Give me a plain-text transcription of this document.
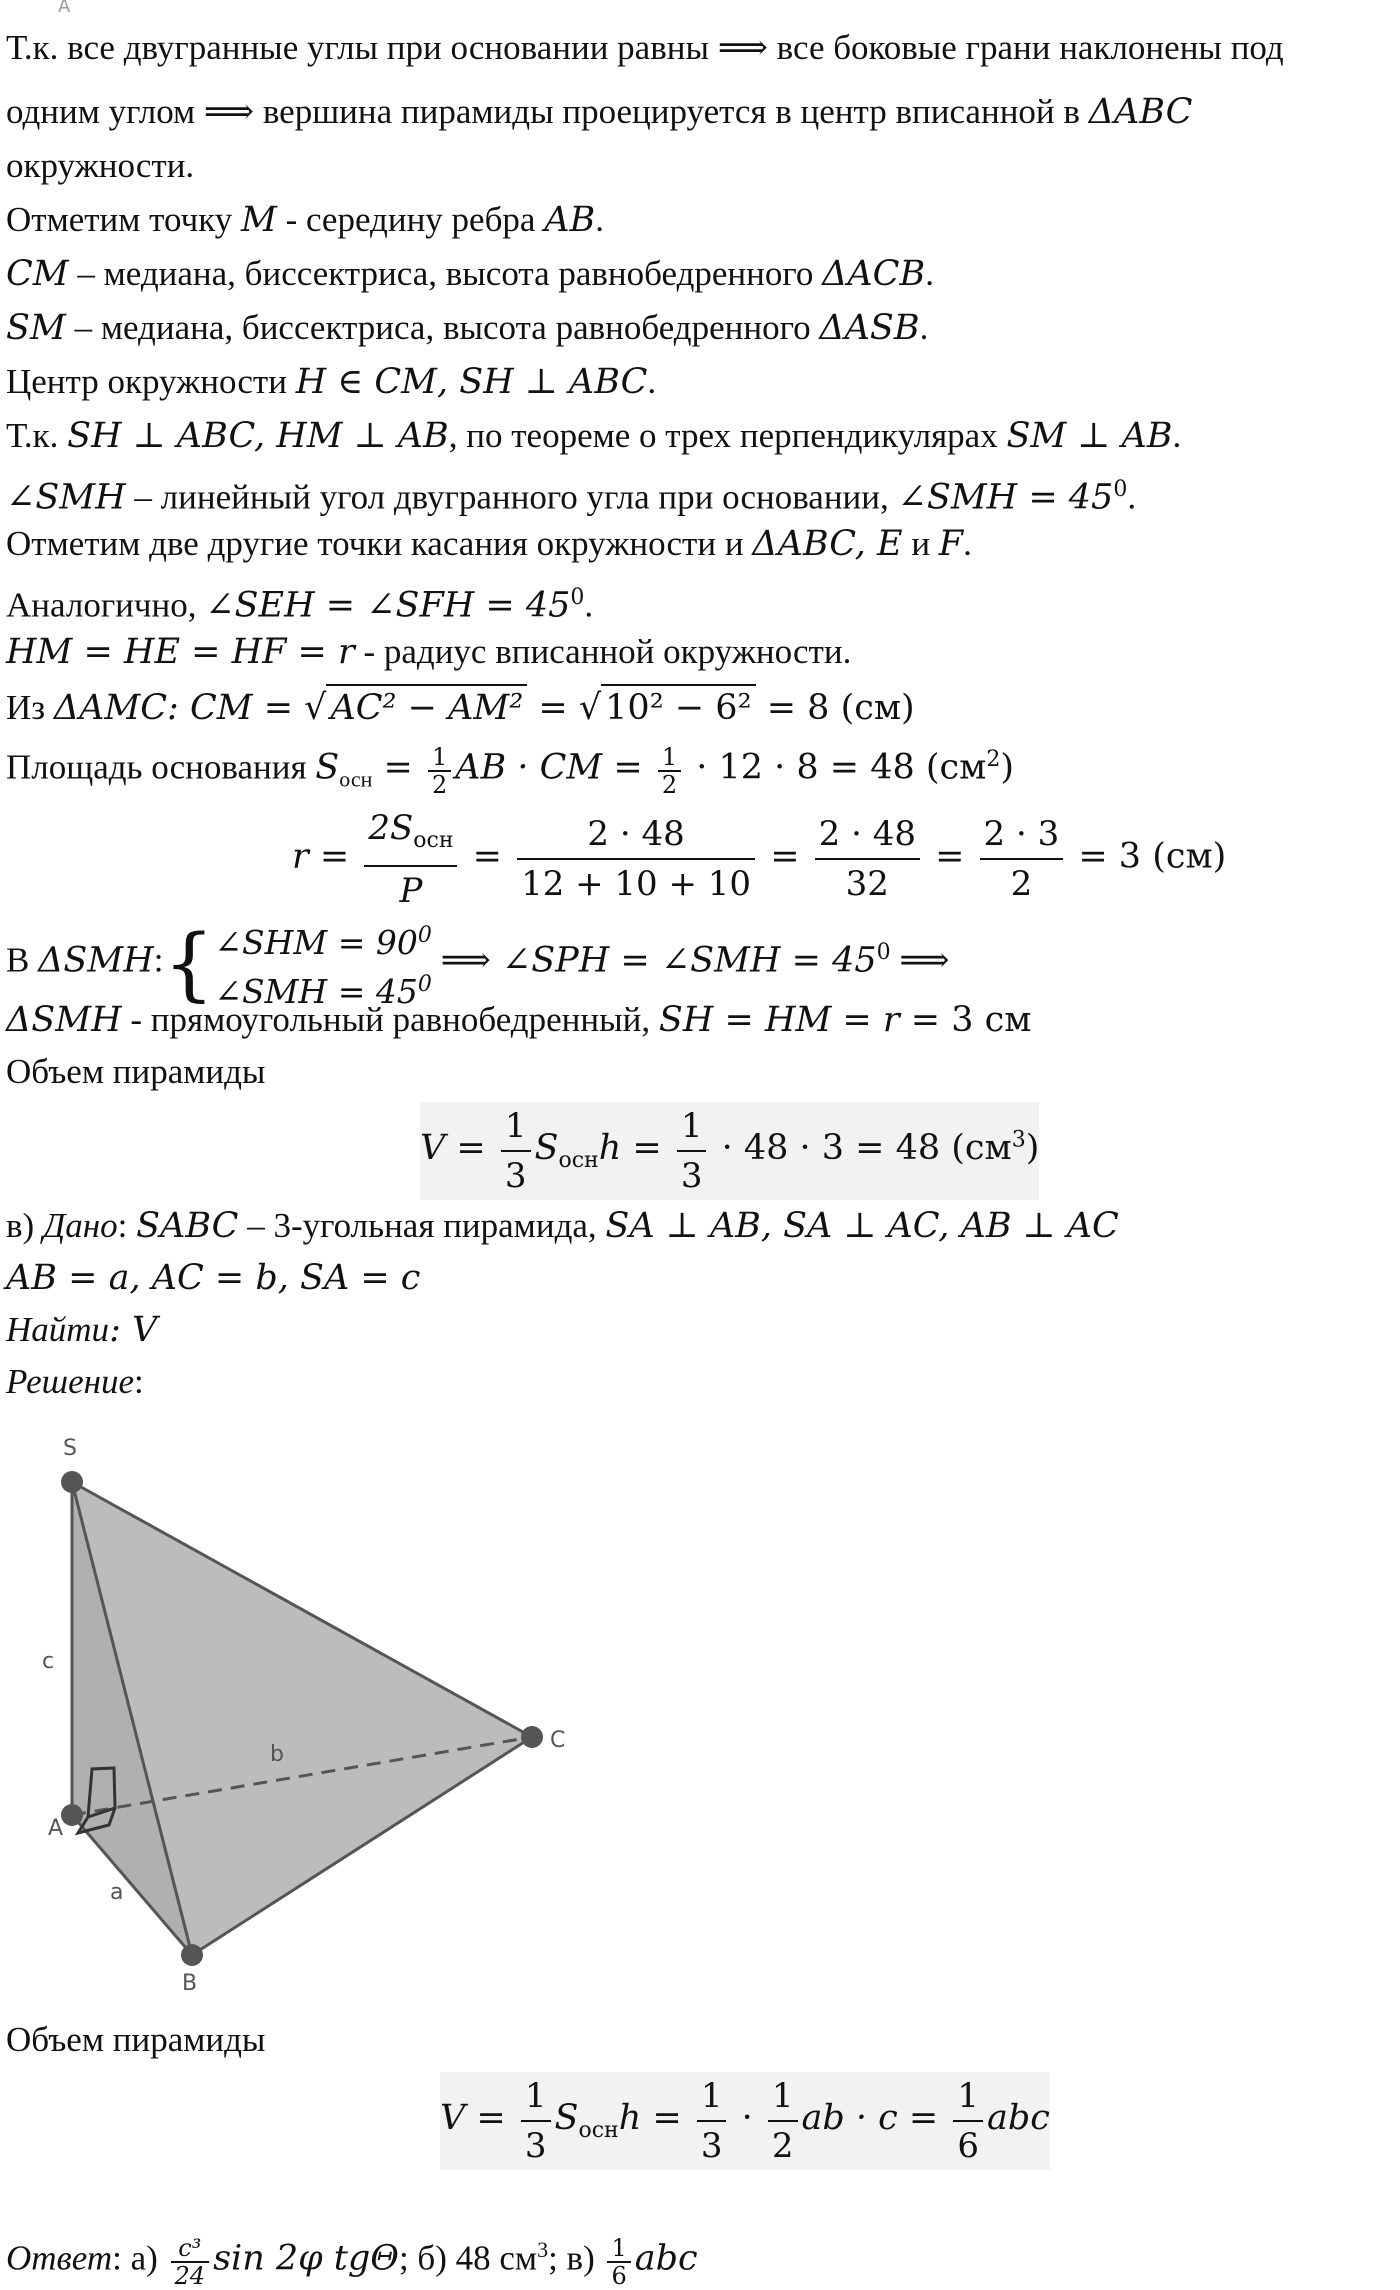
A
Т.к. все двугранные углы при основании равны ⟹ все боковые грани наклонены под
одним углом ⟹ вершина пирамиды проецируется в центр вписанной в ΔABC
окружности.
Отметим точку M - середину ребра AB.
CM – медиана, биссектриса, высота равнобедренного ΔACB.
SM – медиана, биссектриса, высота равнобедренного ΔASB.
Центр окружности H ∈ CM, SH ⊥ ABC.
Т.к. SH ⊥ ABC, HM ⊥ AB, по теореме о трех перпендикулярах SM ⊥ AB.
∠SMH – линейный угол двугранного угла при основании, ∠SMH = $45^0$.
Отметим две другие точки касания окружности и ΔABC, E и F.
Аналогично, ∠SEH = ∠SFH = $45^0$.
HM = HE = HF = r - радиус вписанной окружности.
Из ΔAMC: CM = √ AC² − AM² = √ 10² − 6² = 8 (см)
Площадь основания $S_{осн} = \frac{1}{2}$ AB · CM = $\frac{1}{2} \cdot 12 \cdot 8 = 48$ $(см^2)$
$r = \frac{2S_{осн}}{P} = \frac{2 \cdot 48}{12 + 10 + 10} = \frac{2 \cdot 48}{32} = \frac{2 \cdot 3}{2} = 3$ (см)
В ΔSMH:{ ∠SHM = $90^0$
∠SMH = $45^0$
⟹ ∠SPH = ∠SMH = $45^0$ ⟹
ΔSMH - прямоугольный равнобедренный, SH = HM = r = 3 см
Объем пирамиды
$V = \frac{1}{3} S_{осн}h = \frac{1}{3} \cdot 48 \cdot 3 = 48$ $(см^3)$
в) Дано: SABC – 3-угольная пирамида, SA ⊥ AB, SA ⊥ AC, AB ⊥ AC
AB = a, AC = b, SA = c
Найти: V
Решение:
S
A
B
C
a
b
c
Объем пирамиды
$V = \frac{1}{3} S_{осн}h = \frac{1}{3} \cdot \frac{1}{2}$ ab · $c = \frac{1}{6}$ abc
Ответ: $а) \frac{\text{c³}}{24}$ sin 2φ tgΘ; б) 48 $см^3$; $в) \frac{1}{6}$ abc
